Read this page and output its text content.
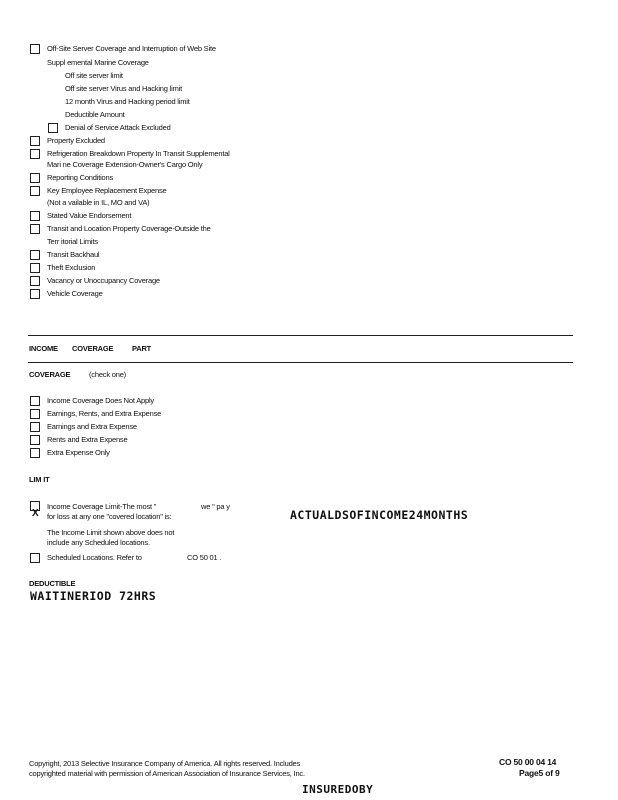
Off-Site Server Coverage and Interruption of Web Site
Suppl emental Marine Coverage
Off site server limit
Off site server Virus and Hacking limit
12 month Virus and Hacking period limit
Deductible Amount
Denial of Service Attack Excluded
Property Excluded
Refrigeration Breakdown Property In Transit Supplemental
Mari ne Coverage Extension-Owner's Cargo Only
Reporting Conditions
Key Employee Replacement Expense
(Not a vailable in IL, MO and VA)
Stated Value Endorsement
Transit and Location Property Coverage-Outside the
Terr itorial Limits
Transit Backhaul
Theft Exclusion
Vacancy or Unoccupancy Coverage
Vehicle Coverage
INCOME COVERAGE PART
COVERAGE (check one)
Income Coverage Does Not Apply
Earnings, Rents, and Extra Expense
Earnings and Extra Expense
Rents and Extra Expense
Extra Expense Only
LIM IT
X
Income Coverage Limit-The most "	we " pa y
for loss at any one "covered location" is:	ACTUALDSOFINCOME24MONTHS
The Income Limit shown above does not
include any Scheduled locations.
Scheduled Locations. Refer to	CO 50 01 .
DEDUCTIBLE
WAITINERIOD 72HRS
Copyright, 2013 Selective Insurance Company of America. All rights reserved. Includes
copyrighted material with permission of American Association of Insurance Services, Inc.
CO 50 00 04 14
Page5 of 9
INSUREDOBY
